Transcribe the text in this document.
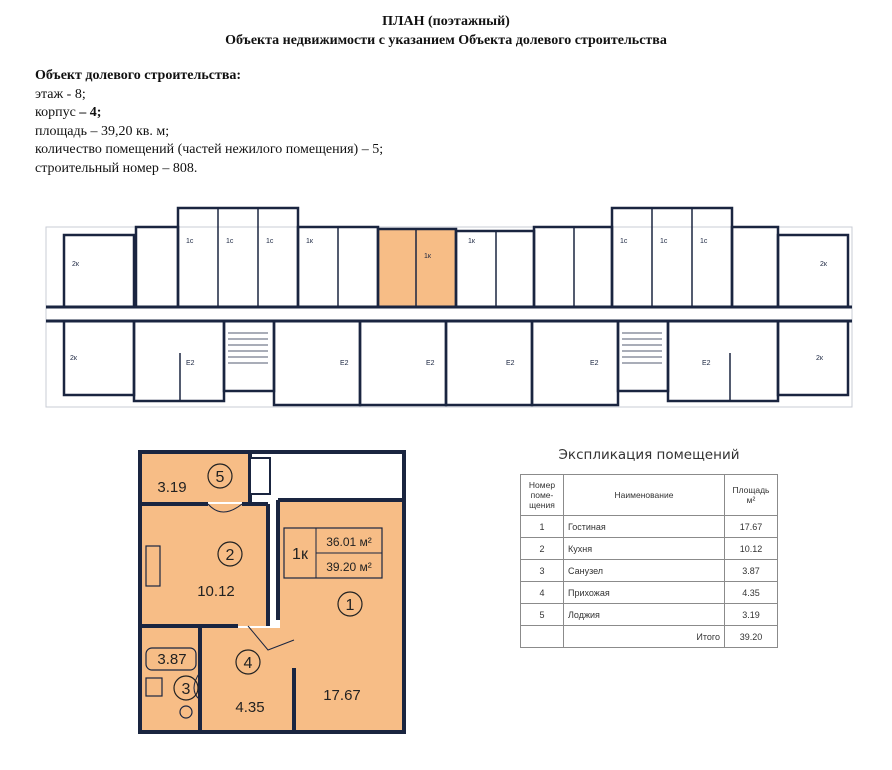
ПЛАН (поэтажный)
Объекта недвижимости с указанием Объекта долевого строительства
Объект долевого строительства:
этаж - 8;
корпус – 4;
площадь – 39,20 кв. м;
количество помещений (частей нежилого помещения) – 5;
строительный номер – 808.
2к
1с	1с	1с	1к
1к
1к	1с	1с	1с
2к
2к
Е2	Е2	Е2	Е2	Е2	Е2
2к
5
2
1
3
4
3.19
10.12
17.67
3.87
4.35
1к
36.01 м²
39.20 м²
Экспликация помещений
Номер поме- щения	Наименование	Площадь м²
1	Гостиная	17.67
2	Кухня	10.12
3	Санузел	3.87
4	Прихожая	4.35
5	Лоджия	3.19
	Итого	39.20
